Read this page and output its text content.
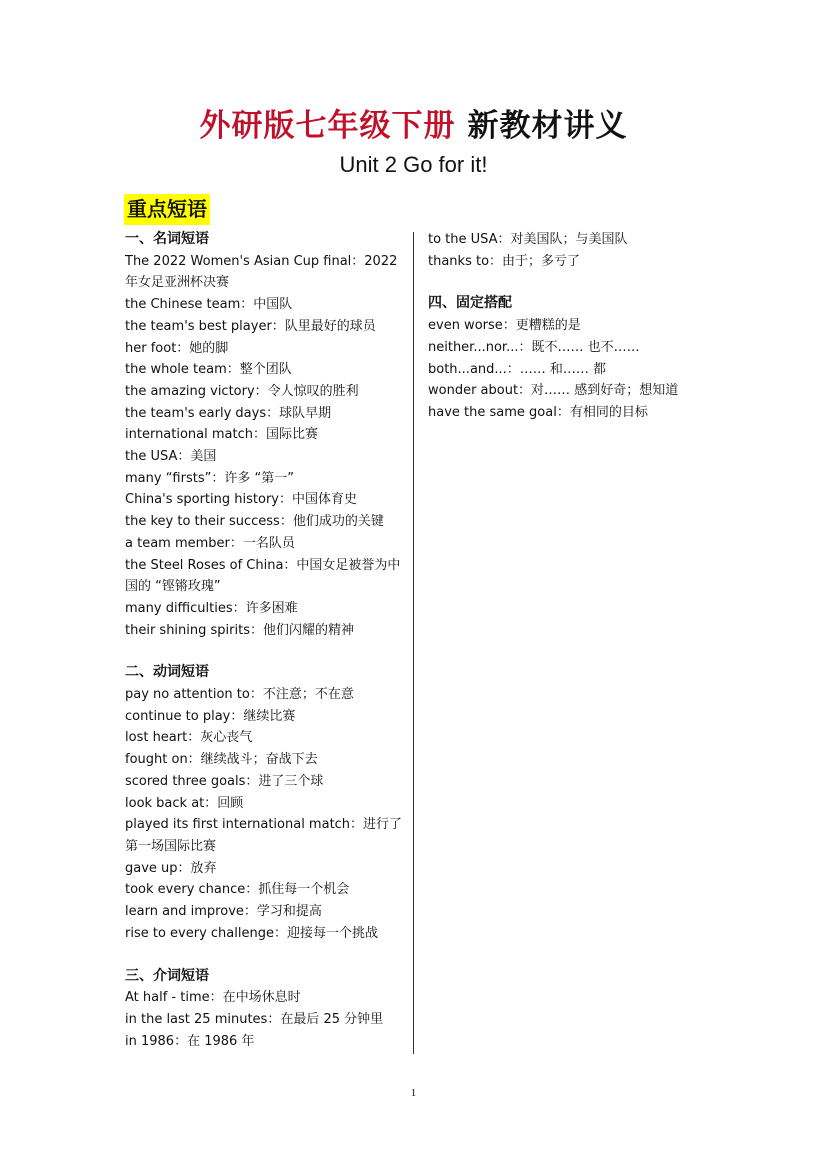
外研版七年级下册 新教材讲义
Unit 2 Go for it!
重点短语
一、名词短语
The 2022 Women's Asian Cup final：2022 年女足亚洲杯决赛
the Chinese team：中国队
the team's best player：队里最好的球员
her foot：她的脚
the whole team：整个团队
the amazing victory：令人惊叹的胜利
the team's early days：球队早期
international match：国际比赛
the USA：美国
many “firsts”：许多 “第一”
China's sporting history：中国体育史
the key to their success：他们成功的关键
a team member：一名队员
the Steel Roses of China：中国女足被誉为中国的 “铿锵玫瑰”
many difficulties：许多困难
their shining spirits：他们闪耀的精神
二、动词短语
pay no attention to：不注意；不在意
continue to play：继续比赛
lost heart：灰心丧气
fought on：继续战斗；奋战下去
scored three goals：进了三个球
look back at：回顾
played its first international match：进行了第一场国际比赛
gave up：放弃
took every chance：抓住每一个机会
learn and improve：学习和提高
rise to every challenge：迎接每一个挑战
三、介词短语
At half - time：在中场休息时
in the last 25 minutes：在最后 25 分钟里
in 1986：在 1986 年
to the USA：对美国队；与美国队
thanks to：由于；多亏了
四、固定搭配
even worse：更糟糕的是
neither...nor...：既不…… 也不……
both...and...：…… 和…… 都
wonder about：对…… 感到好奇；想知道
have the same goal：有相同的目标
1
